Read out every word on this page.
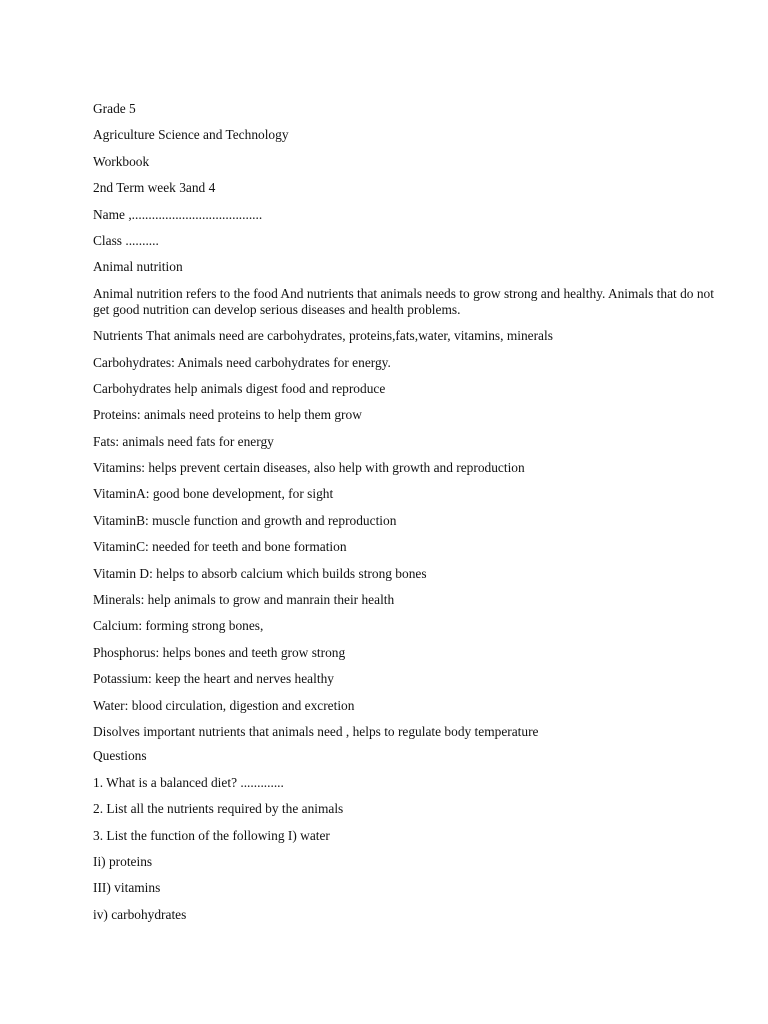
Grade 5

Agriculture Science and Technology

Workbook

2nd Term week 3and 4

Name ,.......................................

Class ..........

Animal nutrition

Animal nutrition refers to the food And nutrients that animals needs to grow strong and healthy. Animals that do not get good nutrition can develop serious diseases and health problems.

Nutrients That animals need are carbohydrates, proteins,fats,water, vitamins, minerals

Carbohydrates: Animals need carbohydrates for energy.

Carbohydrates help animals digest food and reproduce

Proteins: animals need proteins to help them grow

Fats: animals need fats for energy

Vitamins: helps prevent certain diseases, also help with growth and reproduction

VitaminA: good bone development, for sight

VitaminB: muscle function and growth and reproduction

VitaminC: needed for teeth and bone formation

Vitamin D: helps to absorb calcium which builds strong bones

Minerals: help animals to grow and manrain their health

Calcium: forming strong bones,

Phosphorus: helps bones and teeth grow strong

Potassium: keep the heart and nerves healthy

Water: blood circulation, digestion and excretion

Disolves important nutrients that animals need , helps to regulate body temperature

Questions

1. What is a balanced diet? .............

2. List all the nutrients required by the animals

3. List the function of the following I) water

Ii) proteins

III) vitamins

iv) carbohydrates
